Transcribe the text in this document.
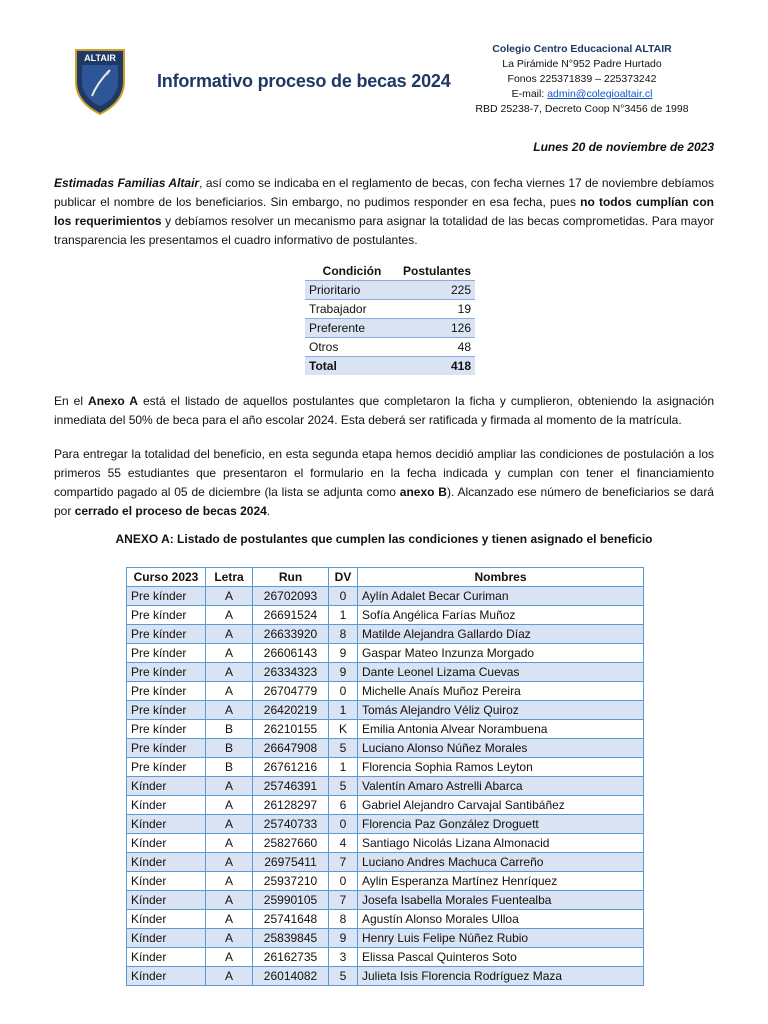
ALTAIR
Informativo proceso de becas 2024
Colegio Centro Educacional ALTAIR
La Pirámide N°952 Padre Hurtado
Fonos 225371839 – 225373242
E-mail: admin@colegioaltair.cl
RBD 25238-7, Decreto Coop N°3456 de 1998
Lunes 20 de noviembre de 2023

Estimadas Familias Altair, así como se indicaba en el reglamento de becas, con fecha viernes 17 de noviembre debíamos publicar el nombre de los beneficiarios. Sin embargo, no pudimos responder en esa fecha, pues no todos cumplían con los requerimientos y debíamos resolver un mecanismo para asignar la totalidad de las becas comprometidas. Para mayor transparencia les presentamos el cuadro informativo de postulantes.

Condición	Postulantes
Prioritario	225
Trabajador	19
Preferente	126
Otros	48
Total	418

En el Anexo A está el listado de aquellos postulantes que completaron la ficha y cumplieron, obteniendo la asignación inmediata del 50% de beca para el año escolar 2024. Esta deberá ser ratificada y firmada al momento de la matrícula.

Para entregar la totalidad del beneficio, en esta segunda etapa hemos decidió ampliar las condiciones de postulación a los primeros 55 estudiantes que presentaron el formulario en la fecha indicada y cumplan con tener el financiamiento compartido pagado al 05 de diciembre (la lista se adjunta como anexo B). Alcanzado ese número de beneficiarios se dará por cerrado el proceso de becas 2024.

ANEXO A: Listado de postulantes que cumplen las condiciones y tienen asignado el beneficio
Curso 2023	Letra	Run	DV	Nombres
Pre kínder	A	26702093	0	Aylín Adalet Becar Curiman
Pre kínder	A	26691524	1	Sofía Angélica Farías Muñoz
Pre kínder	A	26633920	8	Matilde Alejandra Gallardo Díaz
Pre kínder	A	26606143	9	Gaspar Mateo Inzunza Morgado
Pre kínder	A	26334323	9	Dante Leonel Lizama Cuevas
Pre kínder	A	26704779	0	Michelle Anaís Muñoz Pereira
Pre kínder	A	26420219	1	Tomás Alejandro Véliz Quiroz
Pre kínder	B	26210155	K	Emilia Antonia Alvear Norambuena
Pre kínder	B	26647908	5	Luciano Alonso Núñez Morales
Pre kínder	B	26761216	1	Florencia Sophia Ramos Leyton
Kínder	A	25746391	5	Valentín Amaro Astrelli Abarca
Kínder	A	26128297	6	Gabriel Alejandro Carvajal Santibáñez
Kínder	A	25740733	0	Florencia Paz González Droguett
Kínder	A	25827660	4	Santiago Nicolás Lizana Almonacid
Kínder	A	26975411	7	Luciano Andres Machuca Carreño
Kínder	A	25937210	0	Aylin Esperanza Martínez Henríquez
Kínder	A	25990105	7	Josefa Isabella Morales Fuentealba
Kínder	A	25741648	8	Agustín Alonso Morales Ulloa
Kínder	A	25839845	9	Henry Luis Felipe Núñez Rubio
Kínder	A	26162735	3	Elissa Pascal Quinteros Soto
Kínder	A	26014082	5	Julieta Isis Florencia Rodríguez Maza
